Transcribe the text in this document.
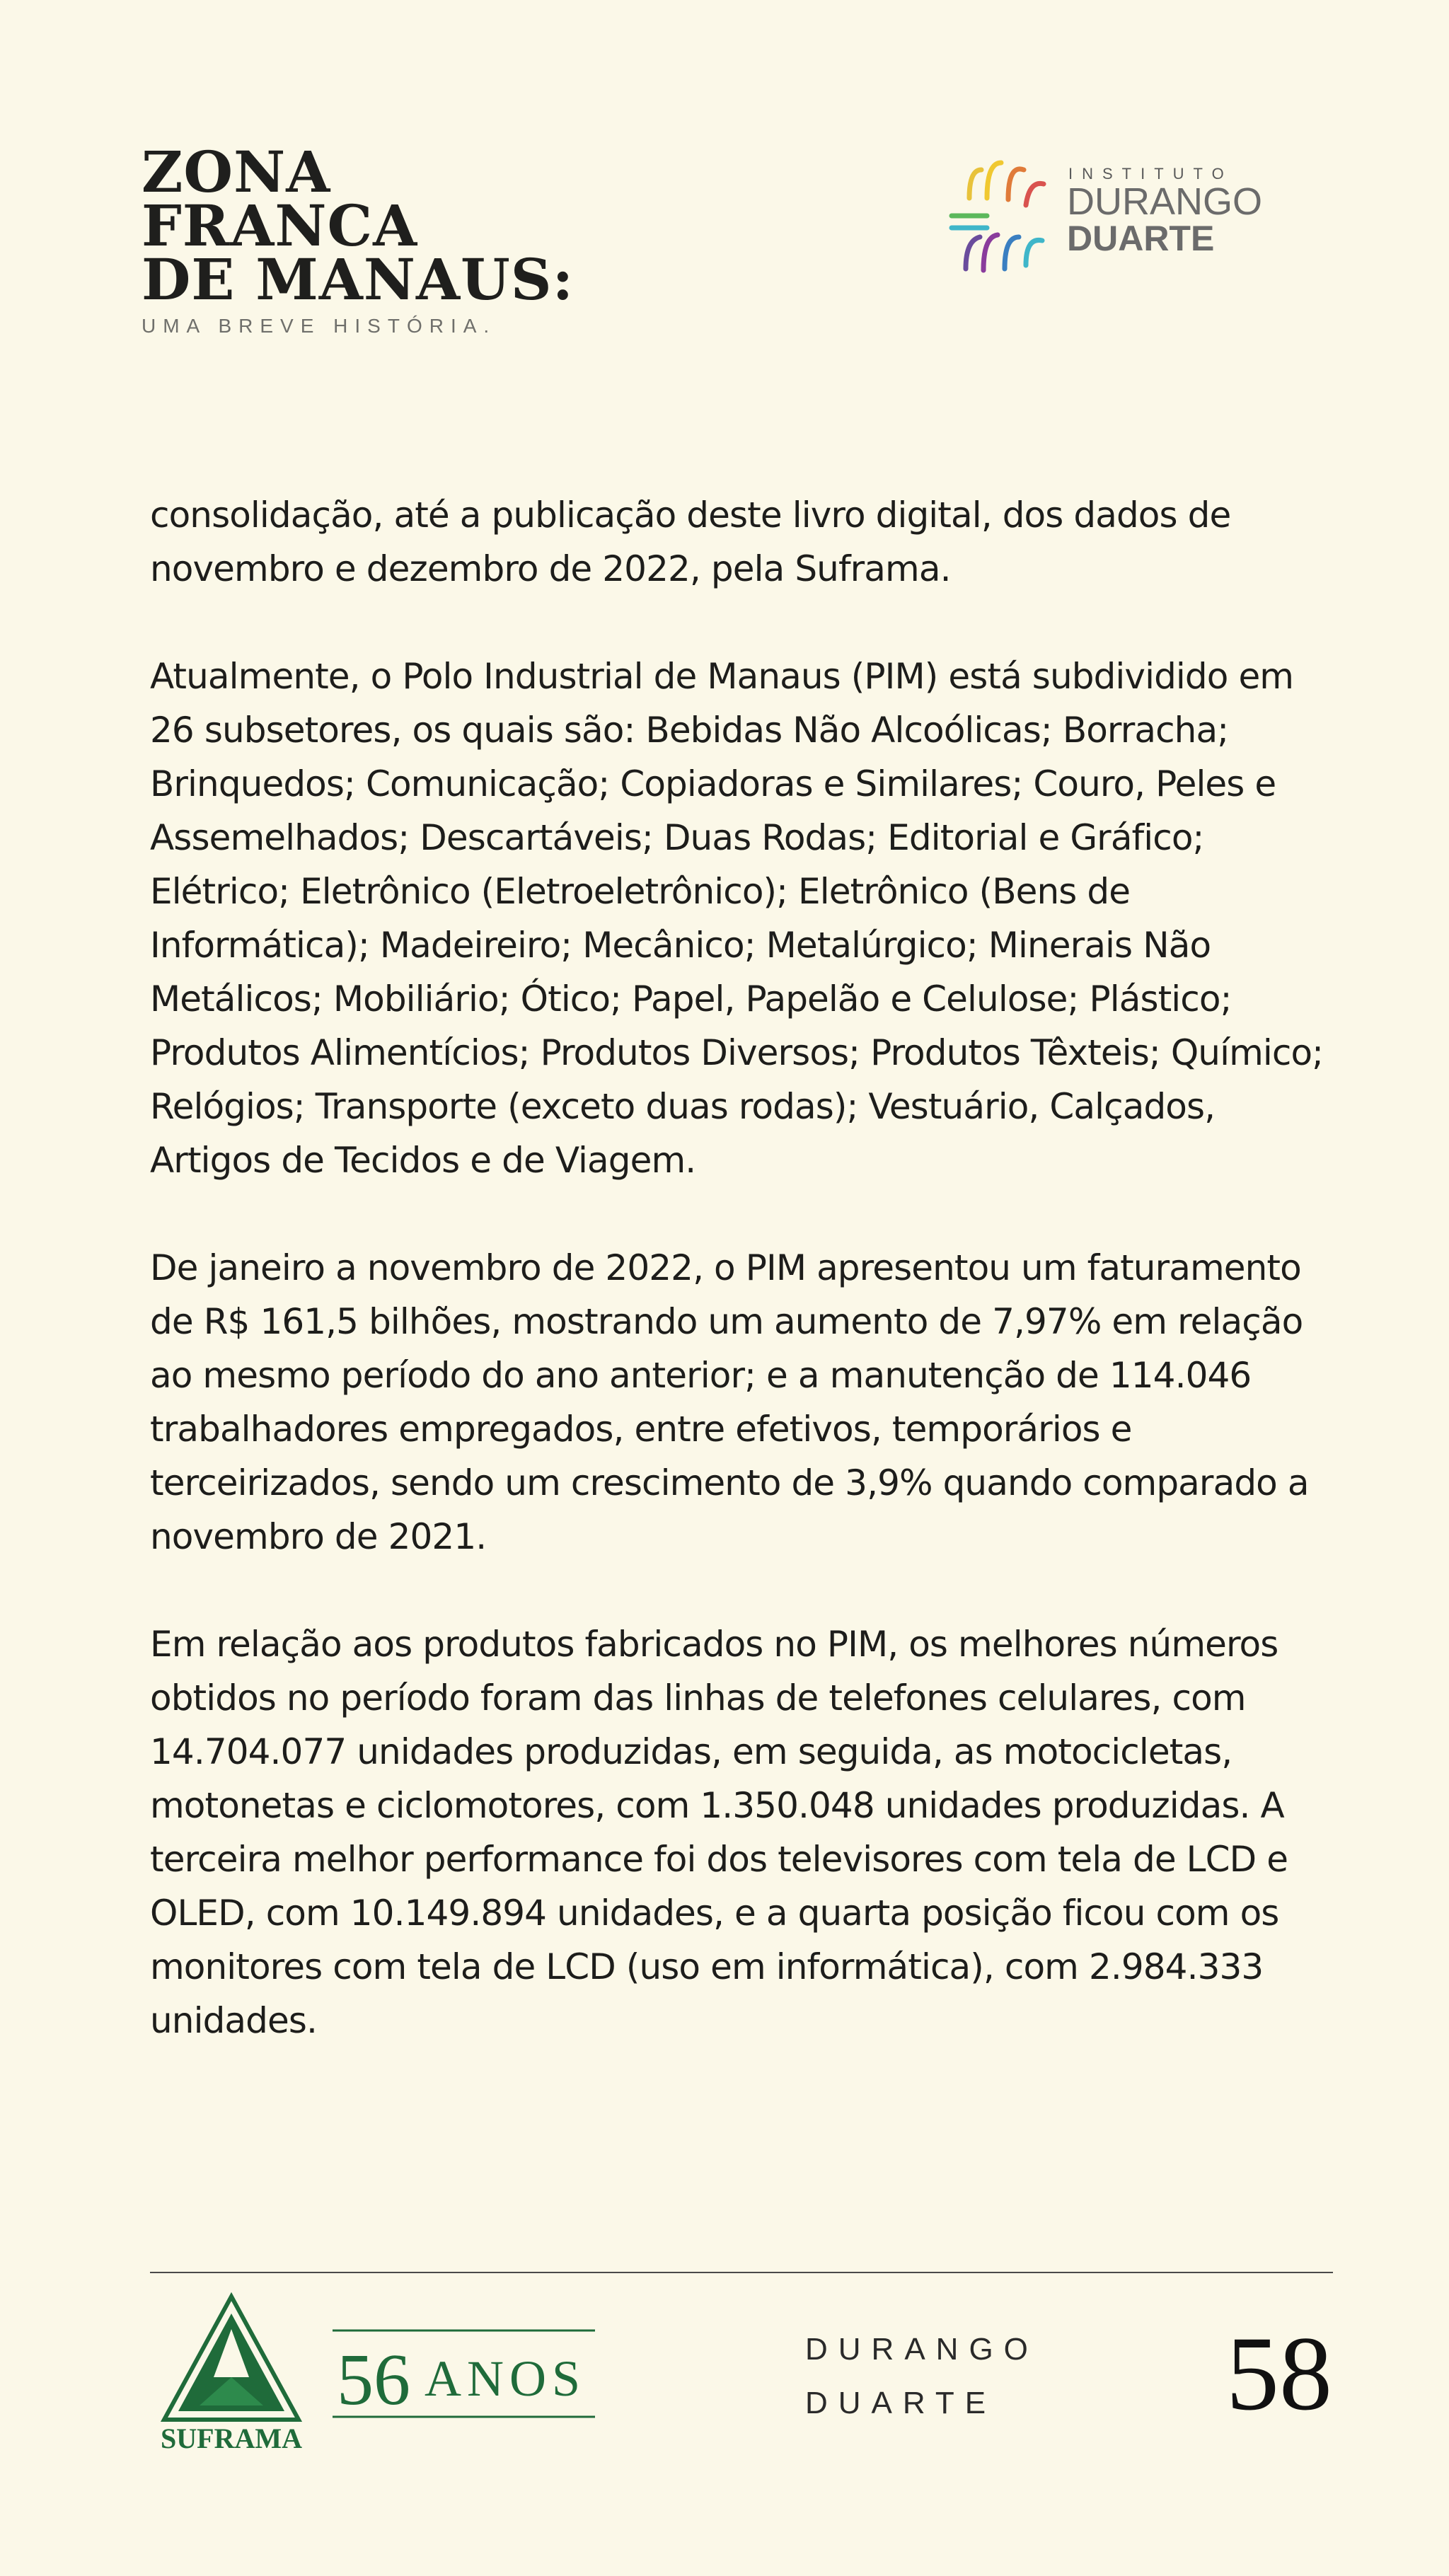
ZONA
FRANCA
DE MANAUS:
UMA BREVE HISTÓRIA.
INSTITUTO
DURANGO
DUARTE

consolidação, até a publicação deste livro digital, dos dados de novembro e dezembro de 2022, pela Suframa.

Atualmente, o Polo Industrial de Manaus (PIM) está subdividido em 26 subsetores, os quais são: Bebidas Não Alcoólicas; Borracha; Brinquedos; Comunicação; Copiadoras e Similares; Couro, Peles e Assemelhados; Descartáveis; Duas Rodas; Editorial e Gráfico; Elétrico; Eletrônico (Eletroeletrônico); Eletrônico (Bens de Informática); Madeireiro; Mecânico; Metalúrgico; Minerais Não Metálicos; Mobiliário; Ótico; Papel, Papelão e Celulose; Plástico; Produtos Alimentícios; Produtos Diversos; Produtos Têxteis; Químico; Relógios; Transporte (exceto duas rodas); Vestuário, Calçados, Artigos de Tecidos e de Viagem.

De janeiro a novembro de 2022, o PIM apresentou um faturamento de R$ 161,5 bilhões, mostrando um aumento de 7,97% em relação ao mesmo período do ano anterior; e a manutenção de 114.046 trabalhadores empregados, entre efetivos, temporários e terceirizados, sendo um crescimento de 3,9% quando comparado a novembro de 2021.

Em relação aos produtos fabricados no PIM, os melhores números obtidos no período foram das linhas de telefones celulares, com 14.704.077 unidades produzidas, em seguida, as motocicletas, motonetas e ciclomotores, com 1.350.048 unidades produzidas. A terceira melhor performance foi dos televisores com tela de LCD e OLED, com 10.149.894 unidades, e a quarta posição ficou com os monitores com tela de LCD (uso em informática), com 2.984.333 unidades.

SUFRAMA
56 ANOS
DURANGO
DUARTE	58
